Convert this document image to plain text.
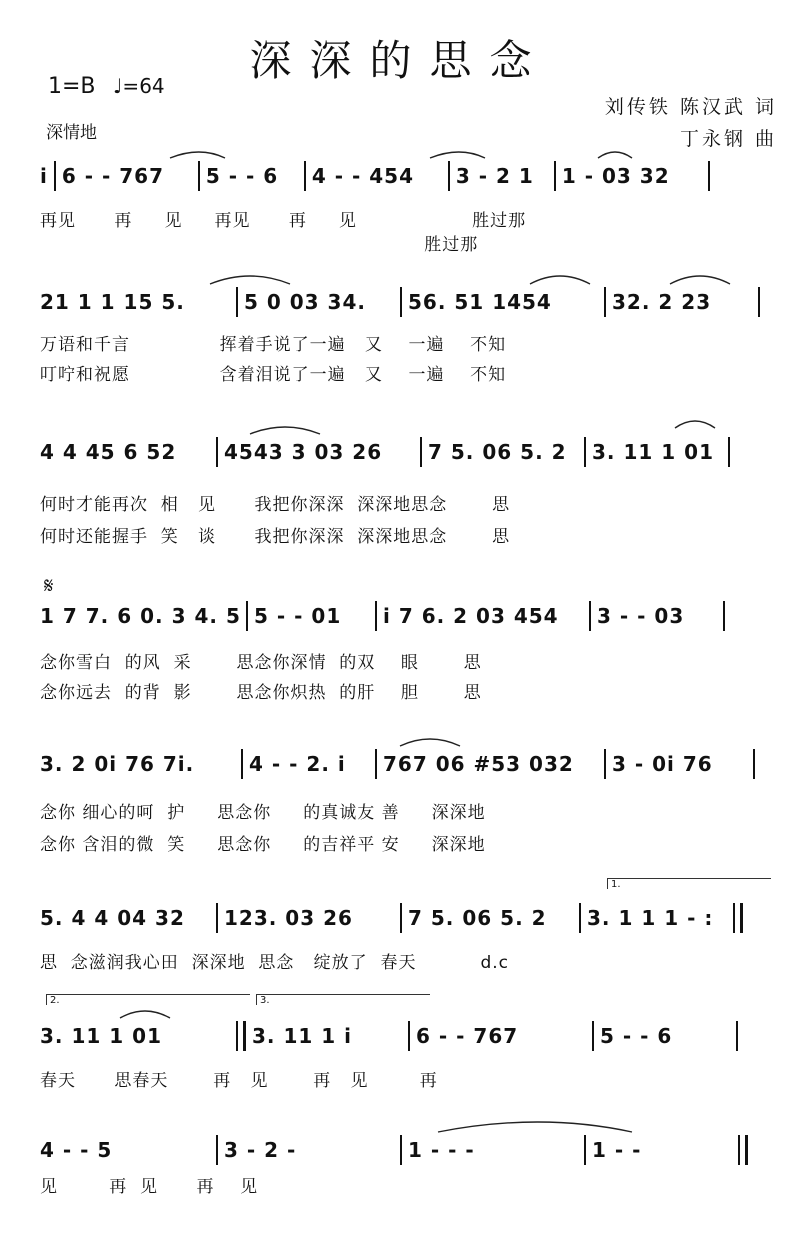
深深的思念
1=B ♩=64
深情地
刘传铁 陈汉武 词
丁永钢 曲
i 6 - - 767	5 - - 6	4 - - 454	3 - 2 1	1 - 03 32
再见      再     见     再见      再     见                  胜过那
胜过那
21 1 1 15 5.	5 0 03 34.	56. 51 1454	32. 2 23
万语和千言              挥着手说了一遍   又    一遍    不知
叮咛和祝愿              含着泪说了一遍   又    一遍    不知
4 4 45 6 52	4543 3 03 26	7 5. 06 5. 2	3. 11 1 01
何时才能再次  相   见      我把你深深  深深地思念       思
何时还能握手  笑   谈      我把你深深  深深地思念       思
𝄋
1 7 7. 6 0. 3 4. 5 5 - - 01	i 7 6. 2 03 454	3 - - 03
念你雪白  的风  采       思念你深情  的双    眼       思
念你远去  的背  影       思念你炽热  的肝    胆       思
3. 2 0i 76 7i.	4 - - 2. i	767 06 #53 032	3 - 0i 76
念你 细心的呵  护     思念你     的真诚友 善     深深地
念你 含泪的微  笑     思念你     的吉祥平 安     深深地
1.
5. 4 4 04 32	123. 03 26	7 5. 06 5. 2	3. 1 1 1 - :
思  念滋润我心田  深深地  思念   绽放了  春天          d.c
2.	3.
3. 11 1 01	3. 11 1 i	6 - - 767	5 - - 6
春天      思春天       再   见       再   见        再
4 - - 5	3 - 2 -	1 - - -	1 - -
见        再  见      再    见
